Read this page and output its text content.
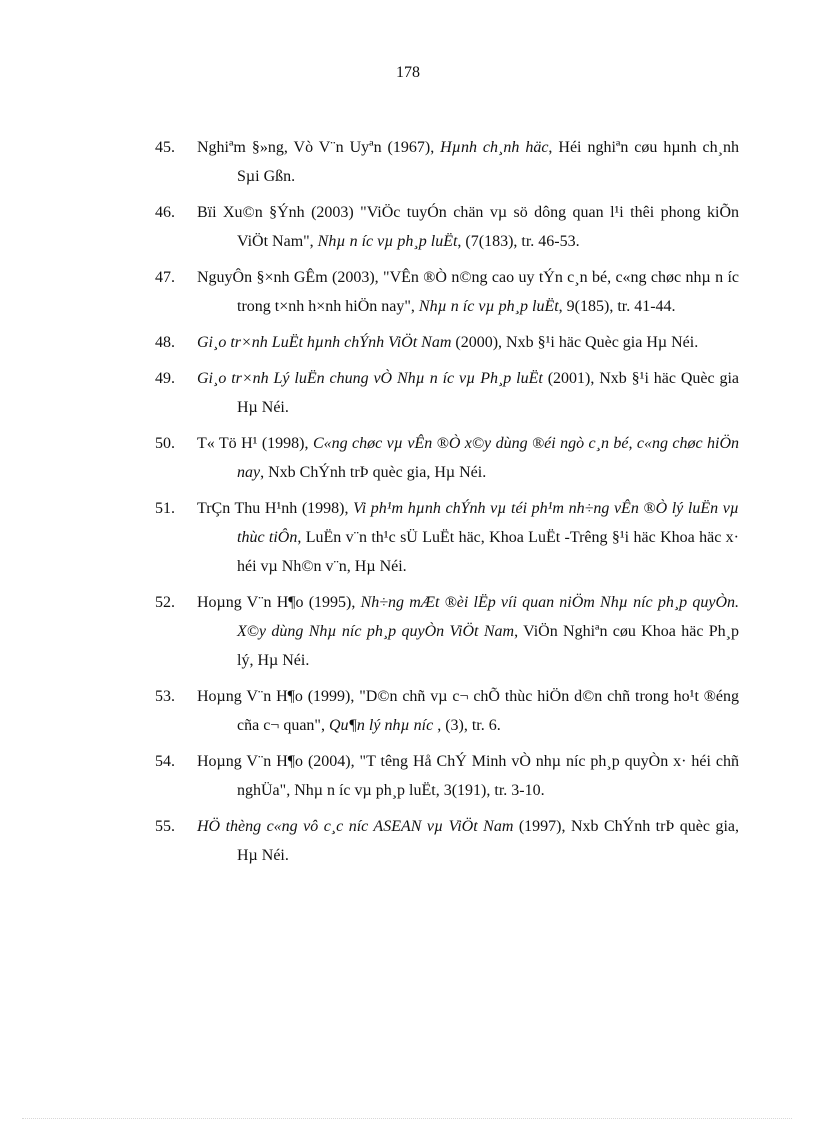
178
45.	Nghiªm §»ng, Vò V¨n Uyªn (1967), Hµnh ch¸nh häc, Héi nghiªn cøu hµnh ch¸nh Sµi Gßn.
46.	Bïi Xu©n §Ýnh (2003) "ViÖc tuyÓn chän vµ sö dông quan l¹i thêi phong kiÕn ViÖt Nam", Nhµ n íc vµ ph¸p luËt, (7(183), tr. 46-53.
47.	NguyÔn §×nh GÊm (2003), "VÊn ®Ò n©ng cao uy tÝn c¸n bé, c«ng chøc nhµ n íc trong t×nh h×nh hiÖn nay", Nhµ n íc vµ ph¸p luËt, 9(185), tr. 41-44.
48.	Gi¸o tr×nh LuËt hµnh chÝnh ViÖt Nam (2000), Nxb §¹i häc Quèc gia Hµ Néi.
49.	Gi¸o tr×nh Lý luËn chung vÒ Nhµ n íc vµ Ph¸p luËt (2001), Nxb §¹i häc Quèc gia Hµ Néi.
50.	T« Tö H¹ (1998), C«ng chøc vµ vÊn ®Ò x©y dùng ®éi ngò c¸n bé, c«ng chøc hiÖn nay, Nxb ChÝnh trÞ quèc gia, Hµ Néi.
51.	TrÇn Thu H¹nh (1998), Vi ph¹m hµnh chÝnh vµ téi ph¹m nh÷ng vÊn ®Ò lý luËn vµ thùc tiÔn, LuËn v¨n th¹c sÜ LuËt häc, Khoa LuËt -Trêng §¹i häc Khoa häc x· héi vµ Nh©n v¨n, Hµ Néi.
52.	Hoµng V¨n H¶o (1995), Nh÷ng mÆt ®èi lËp víi quan niÖm Nhµ níc ph¸p quyÒn. X©y dùng Nhµ níc ph¸p quyÒn ViÖt Nam, ViÖn Nghiªn cøu Khoa häc Ph¸p lý, Hµ Néi.
53.	Hoµng V¨n H¶o (1999), "D©n chñ vµ c¬ chÕ thùc hiÖn d©n chñ trong ho¹t ®éng cña c¬ quan", Qu¶n lý nhµ níc , (3), tr. 6.
54.	Hoµng V¨n H¶o (2004), "T têng Hå ChÝ Minh vÒ nhµ níc ph¸p quyÒn x· héi chñ nghÜa", Nhµ n íc vµ ph¸p luËt, 3(191), tr. 3-10.
55.	HÖ thèng c«ng vô c¸c níc ASEAN vµ ViÖt Nam (1997), Nxb ChÝnh trÞ quèc gia, Hµ Néi.
